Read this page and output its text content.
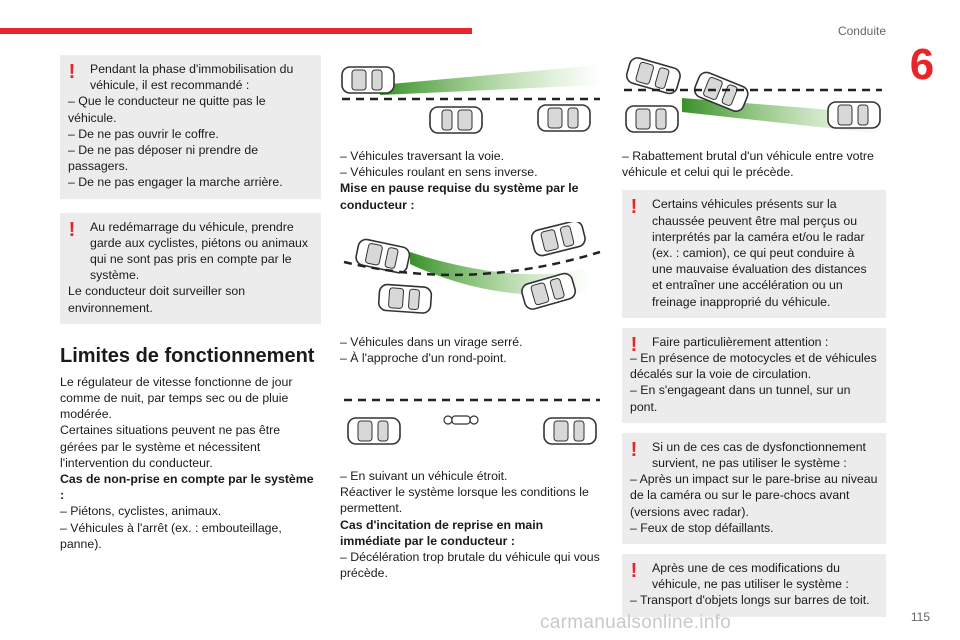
Conduite
6

! Pendant la phase d'immobilisation du véhicule, il est recommandé :

– Que le conducteur ne quitte pas le véhicule.

– De ne pas ouvrir le coffre.

– De ne pas déposer ni prendre de passagers.

– De ne pas engager la marche arrière.

! Au redémarrage du véhicule, prendre garde aux cyclistes, piétons ou animaux qui ne sont pas pris en compte par le système.

Le conducteur doit surveiller son environnement.

Limites de fonctionnement

Le régulateur de vitesse fonctionne de jour comme de nuit, par temps sec ou de pluie modérée.

Certaines situations peuvent ne pas être gérées par le système et nécessitent l'intervention du conducteur.

Cas de non-prise en compte par le système :

– Piétons, cyclistes, animaux.

– Véhicules à l'arrêt (ex. : embouteillage, panne).

– Véhicules traversant la voie.

– Véhicules roulant en sens inverse.

Mise en pause requise du système par le conducteur :

– Véhicules dans un virage serré.

– À l'approche d'un rond-point.

– En suivant un véhicule étroit.

Réactiver le système lorsque les conditions le permettent.

Cas d'incitation de reprise en main immédiate par le conducteur :

– Décélération trop brutale du véhicule qui vous précède.

– Rabattement brutal d'un véhicule entre votre véhicule et celui qui le précède.

! Certains véhicules présents sur la chaussée peuvent être mal perçus ou interprétés par la caméra et/ou le radar (ex. : camion), ce qui peut conduire à une mauvaise évaluation des distances et entraîner une accélération ou un freinage inapproprié du véhicule.

! Faire particulièrement attention :

– En présence de motocycles et de véhicules décalés sur la voie de circulation.

– En s'engageant dans un tunnel, sur un pont.

! Si un de ces cas de dysfonctionnement survient, ne pas utiliser le système :

– Après un impact sur le pare-brise au niveau de la caméra ou sur le pare-chocs avant (versions avec radar).

– Feux de stop défaillants.

! Après une de ces modifications du véhicule, ne pas utiliser le système :

– Transport d'objets longs sur barres de toit.

115
carmanualsonline.info
